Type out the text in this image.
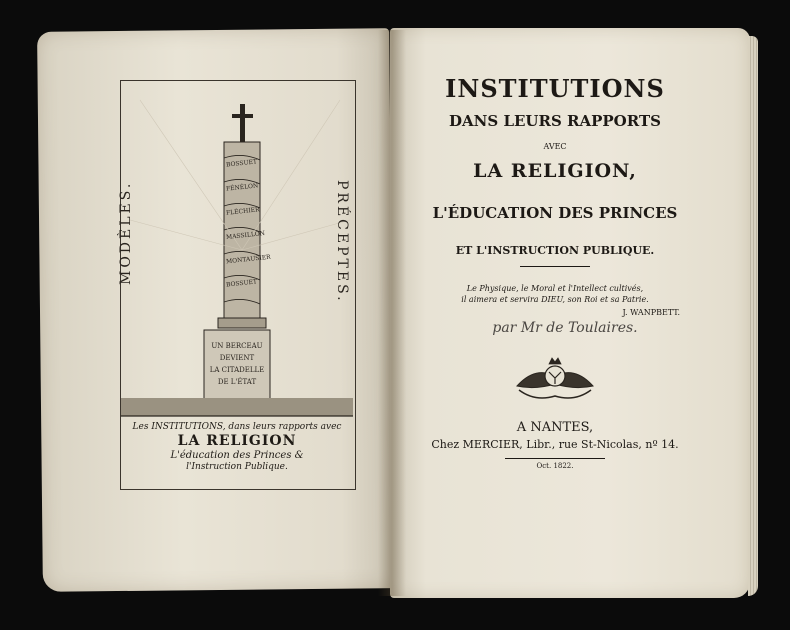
MODÈLES.	PRÉCEPTES.
BOSSUET
FÉNÉLON
FLÉCHIER
MASSILLON
MONTAUSIER
BOSSUET
UN BERCEAU
DEVIENT
LA CITADELLE
DE L'ÉTAT
Les INSTITUTIONS, dans leurs rapports avec
LA RELIGION
L'éducation des Princes &
l'Instruction Publique.
INSTITUTIONS
DANS LEURS RAPPORTS
AVEC
LA RELIGION,
L'ÉDUCATION DES PRINCES
ET L'INSTRUCTION PUBLIQUE.
Le Physique, le Moral et l'Intellect cultivés,
il aimera et servira DIEU, son Roi et sa Patrie.
J. WANPBETT.
par Mr de Toulaires.
A NANTES,
Chez MERCIER, Libr., rue St-Nicolas, nº 14.
Oct. 1822.
